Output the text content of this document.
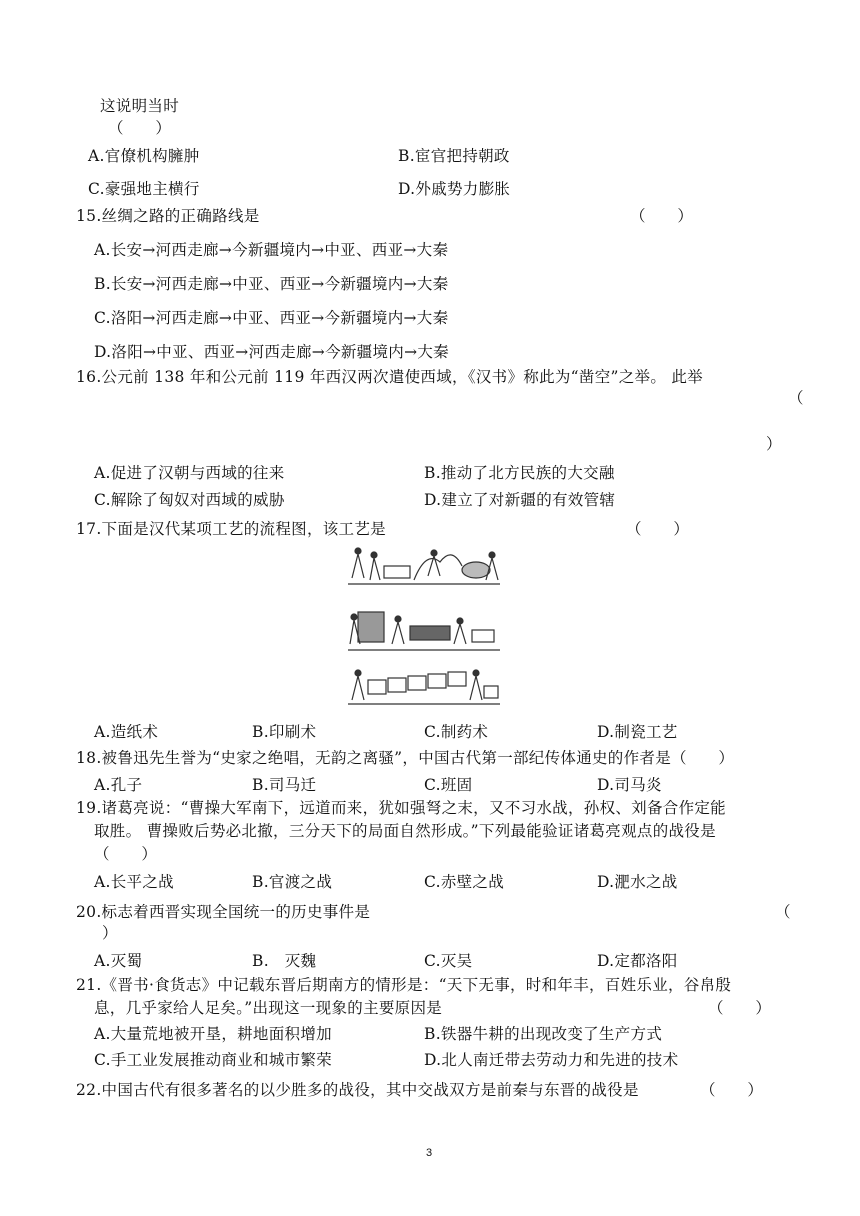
这说明当时
（　　）
A.官僚机构臃肿	B.宦官把持朝政
C.豪强地主横行	D.外戚势力膨胀
15.丝绸之路的正确路线是	（　　）
A.长安→河西走廊→今新疆境内→中亚、西亚→大秦
B.长安→河西走廊→中亚、西亚→今新疆境内→大秦
C.洛阳→河西走廊→中亚、西亚→今新疆境内→大秦
D.洛阳→中亚、西亚→河西走廊→今新疆境内→大秦
16.公元前 138 年和公元前 119 年西汉两次遣使西域，《汉书》称此为“凿空”之举。 此举
（
）
A.促进了汉朝与西域的往来	B.推动了北方民族的大交融
C.解除了匈奴对西域的威胁	D.建立了对新疆的有效管辖
17.下面是汉代某项工艺的流程图，该工艺是	（　　）
A.造纸术	B.印刷术	C.制药术	D.制瓷工艺
18.被鲁迅先生誉为“史家之绝唱，无韵之离骚”，中国古代第一部纪传体通史的作者是（　　）
A.孔子	B.司马迁	C.班固	D.司马炎
19.诸葛亮说：“曹操大军南下，远道而来，犹如强弩之末，又不习水战，孙权、刘备合作定能
取胜。 曹操败后势必北撤，三分天下的局面自然形成。”下列最能验证诸葛亮观点的战役是
（　　）
A.长平之战	B.官渡之战	C.赤壁之战	D.淝水之战
20.标志着西晋实现全国统一的历史事件是	（
）
A.灭蜀	B.　灭魏	C.灭吴	D.定都洛阳
21.《晋书·食货志》中记载东晋后期南方的情形是：“天下无事，时和年丰，百姓乐业，谷帛殷
息，几乎家给人足矣。”出现这一现象的主要原因是	（　　）
A.大量荒地被开垦，耕地面积增加	B.铁器牛耕的出现改变了生产方式
C.手工业发展推动商业和城市繁荣	D.北人南迁带去劳动力和先进的技术
22.中国古代有很多著名的以少胜多的战役，其中交战双方是前秦与东晋的战役是	（　　）
3
